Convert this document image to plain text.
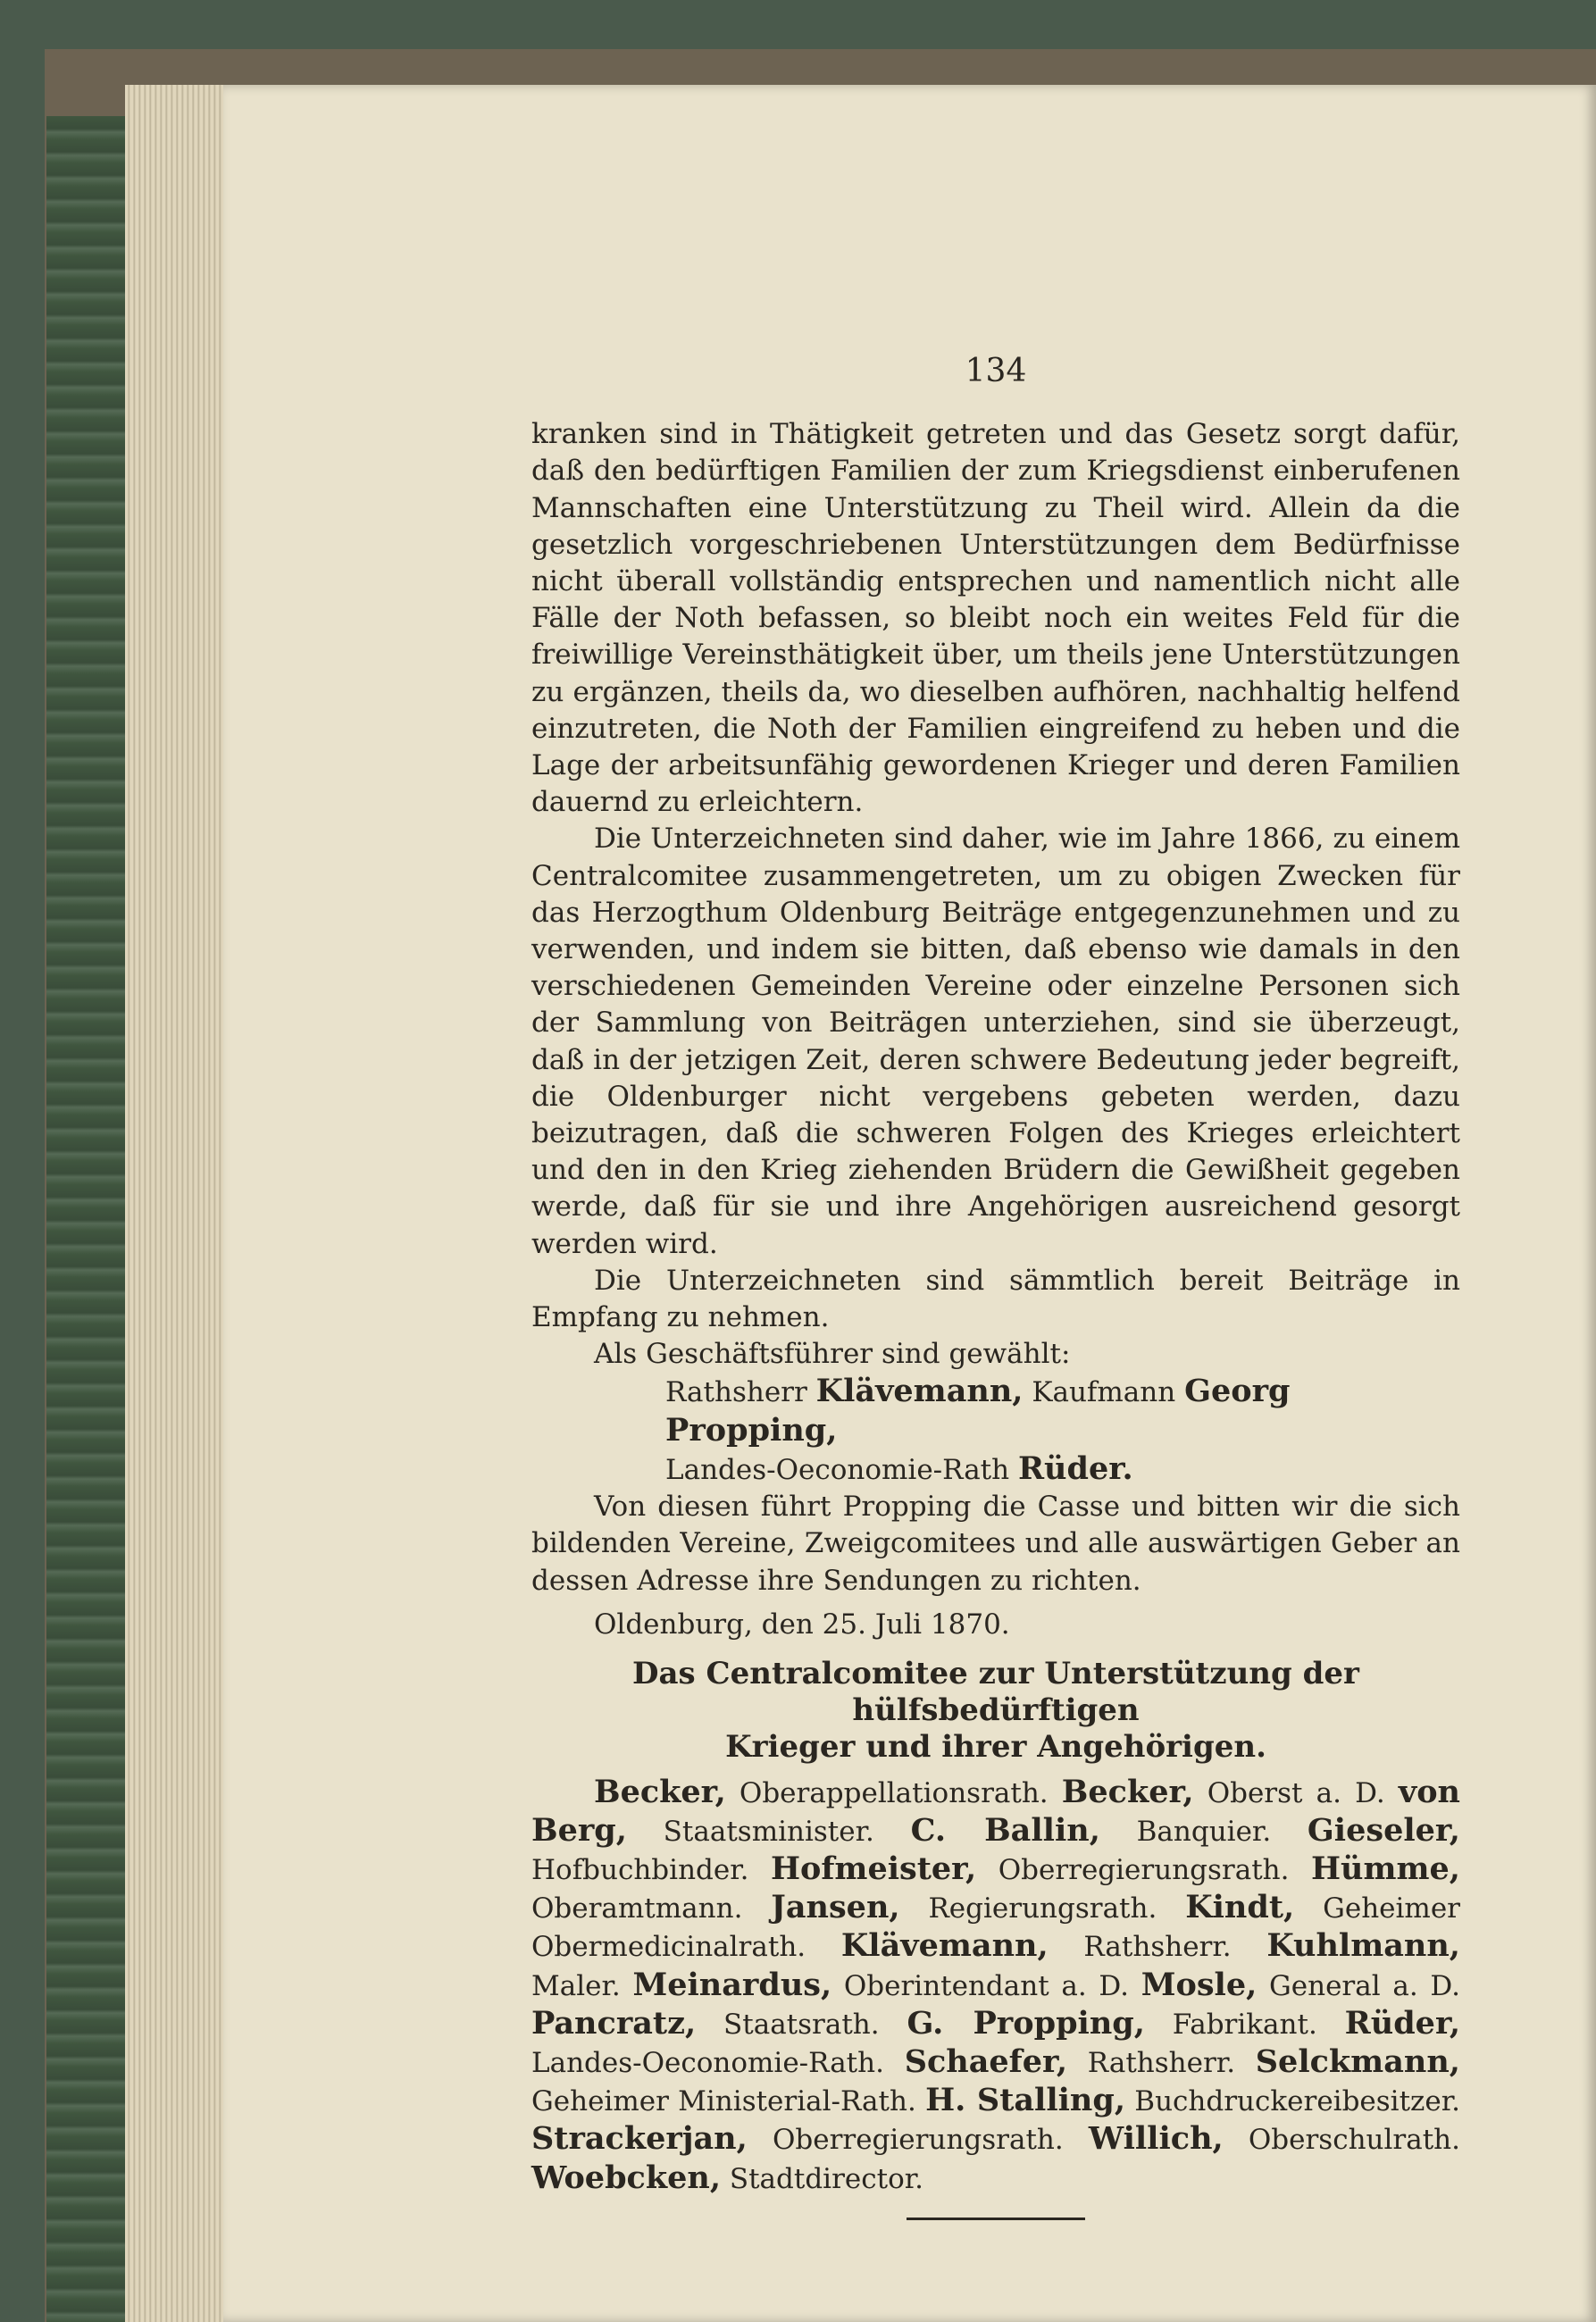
134

kranken sind in Thätigkeit getreten und das Gesetz sorgt dafür, daß den bedürftigen Familien der zum Kriegsdienst einberufenen Mannschaften eine Unterstützung zu Theil wird. Allein da die gesetzlich vorgeschriebenen Unterstützungen dem Bedürfnisse nicht überall vollständig entsprechen und namentlich nicht alle Fälle der Noth befassen, so bleibt noch ein weites Feld für die freiwillige Vereinsthätigkeit über, um theils jene Unterstützungen zu ergänzen, theils da, wo dieselben aufhören, nachhaltig helfend einzutreten, die Noth der Familien eingreifend zu heben und die Lage der arbeitsunfähig gewordenen Krieger und deren Familien dauernd zu erleichtern.

Die Unterzeichneten sind daher, wie im Jahre 1866, zu einem Centralcomitee zusammengetreten, um zu obigen Zwecken für das Herzogthum Oldenburg Beiträge entgegenzunehmen und zu verwenden, und indem sie bitten, daß ebenso wie damals in den verschiedenen Gemeinden Vereine oder einzelne Personen sich der Sammlung von Beiträgen unterziehen, sind sie überzeugt, daß in der jetzigen Zeit, deren schwere Bedeutung jeder begreift, die Oldenburger nicht vergebens gebeten werden, dazu beizutragen, daß die schweren Folgen des Krieges erleichtert und den in den Krieg ziehenden Brüdern die Gewißheit gegeben werde, daß für sie und ihre Angehörigen ausreichend gesorgt werden wird.

Die Unterzeichneten sind sämmtlich bereit Beiträge in Empfang zu nehmen.

Als Geschäftsführer sind gewählt:

Rathsherr Klävemann, Kaufmann Georg Propping,

Landes-Oeconomie-Rath Rüder.

Von diesen führt Propping die Casse und bitten wir die sich bildenden Vereine, Zweigcomitees und alle auswärtigen Geber an dessen Adresse ihre Sendungen zu richten.

Oldenburg, den 25. Juli 1870.

Das Centralcomitee zur Unterstützung der hülfsbedürftigen
Krieger und ihrer Angehörigen.

Becker, Oberappellationsrath. Becker, Oberst a. D. von Berg, Staatsminister. C. Ballin, Banquier. Gieseler, Hofbuchbinder. Hofmeister, Oberregierungsrath. Hümme, Oberamtmann. Jansen, Regierungsrath. Kindt, Geheimer Obermedicinalrath. Klävemann, Rathsherr. Kuhlmann, Maler. Meinardus, Oberintendant a. D. Mosle, General a. D. Pancratz, Staatsrath. G. Propping, Fabrikant. Rüder, Landes-Oeconomie-Rath. Schaefer, Rathsherr. Selckmann, Geheimer Ministerial-Rath. H. Stalling, Buchdruckereibesitzer. Strackerjan, Oberregierungsrath. Willich, Oberschulrath. Woebcken, Stadtdirector.
